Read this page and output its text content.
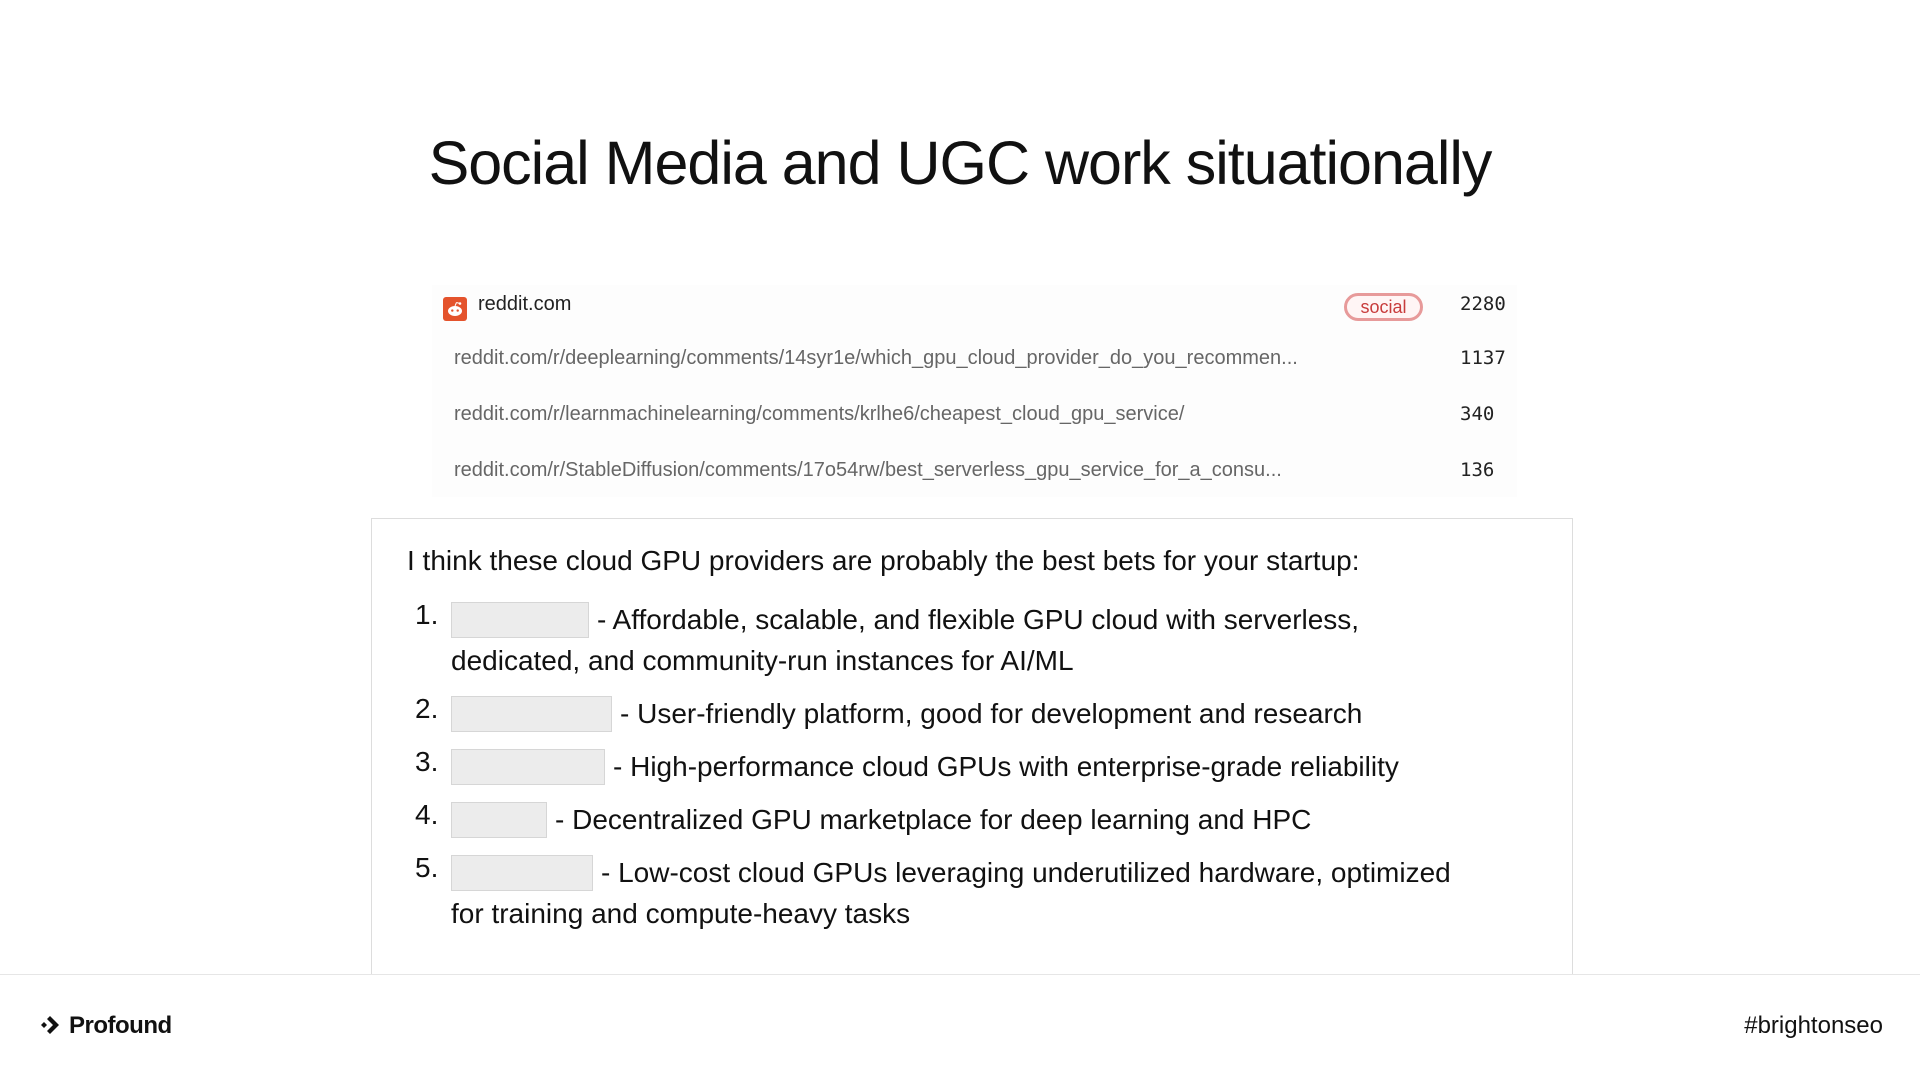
Social Media and UGC work situationally
reddit.com	social	2280
reddit.com/r/deeplearning/comments/14syr1e/which_gpu_cloud_provider_do_you_recommen...	1137
reddit.com/r/learnmachinelearning/comments/krlhe6/cheapest_cloud_gpu_service/	340
reddit.com/r/StableDiffusion/comments/17o54rw/best_serverless_gpu_service_for_a_consu...	136
I think these cloud GPU providers are probably the best bets for your startup:
1.	- Affordable, scalable, and flexible GPU cloud with serverless,
dedicated, and community-run instances for AI/ML
2.	- User-friendly platform, good for development and research
3.	- High-performance cloud GPUs with enterprise-grade reliability
4.	- Decentralized GPU marketplace for deep learning and HPC
5.	- Low-cost cloud GPUs leveraging underutilized hardware, optimized
for training and compute-heavy tasks
Profound	#brightonseo
